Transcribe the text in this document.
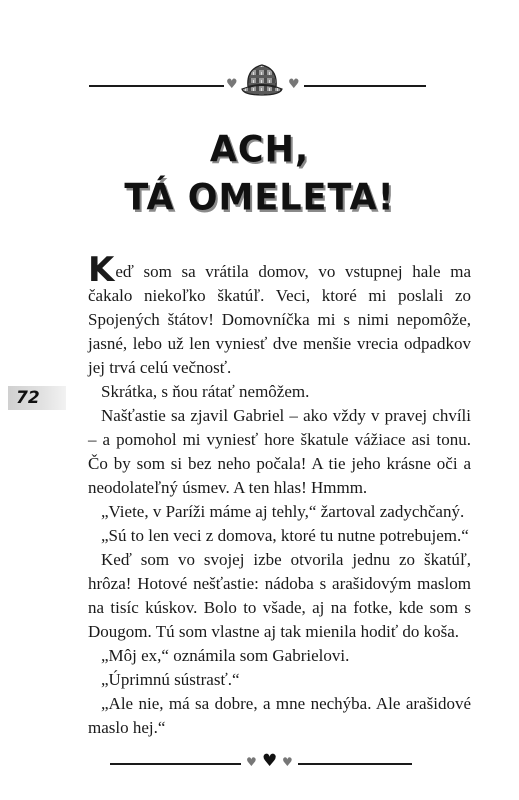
♥	♥
ACH,
TÁ OMELETA!
72

Keď som sa vrátila domov, vo vstupnej hale ma čakalo niekoľko škatúľ. Veci, ktoré mi poslali zo Spojených štátov! Domovníčka mi s nimi nepomôže, jasné, lebo už len vyniesť dve menšie vrecia odpadkov jej trvá celú večnosť.

Skrátka, s ňou rátať nemôžem.

Našťastie sa zjavil Gabriel – ako vždy v pravej chvíli – a pomohol mi vyniesť hore škatule vážiace asi tonu. Čo by som si bez neho počala! A tie jeho krásne oči a neodolateľný úsmev. A ten hlas! Hmmm.

„Viete, v Paríži máme aj tehly,“ žartoval zadychčaný.

„Sú to len veci z domova, ktoré tu nutne potrebujem.“

Keď som vo svojej izbe otvorila jednu zo škatúľ, hrôza! Hotové nešťastie: nádoba s arašidovým maslom na tisíc kúskov. Bolo to všade, aj na fotke, kde som s Dougom. Tú som vlastne aj tak mienila hodiť do koša.

„Môj ex,“ oznámila som Gabrielovi.

„Úprimnú sústrasť.“

„Ale nie, má sa dobre, a mne nechýba. Ale arašidové maslo hej.“

♥ ♥ ♥
